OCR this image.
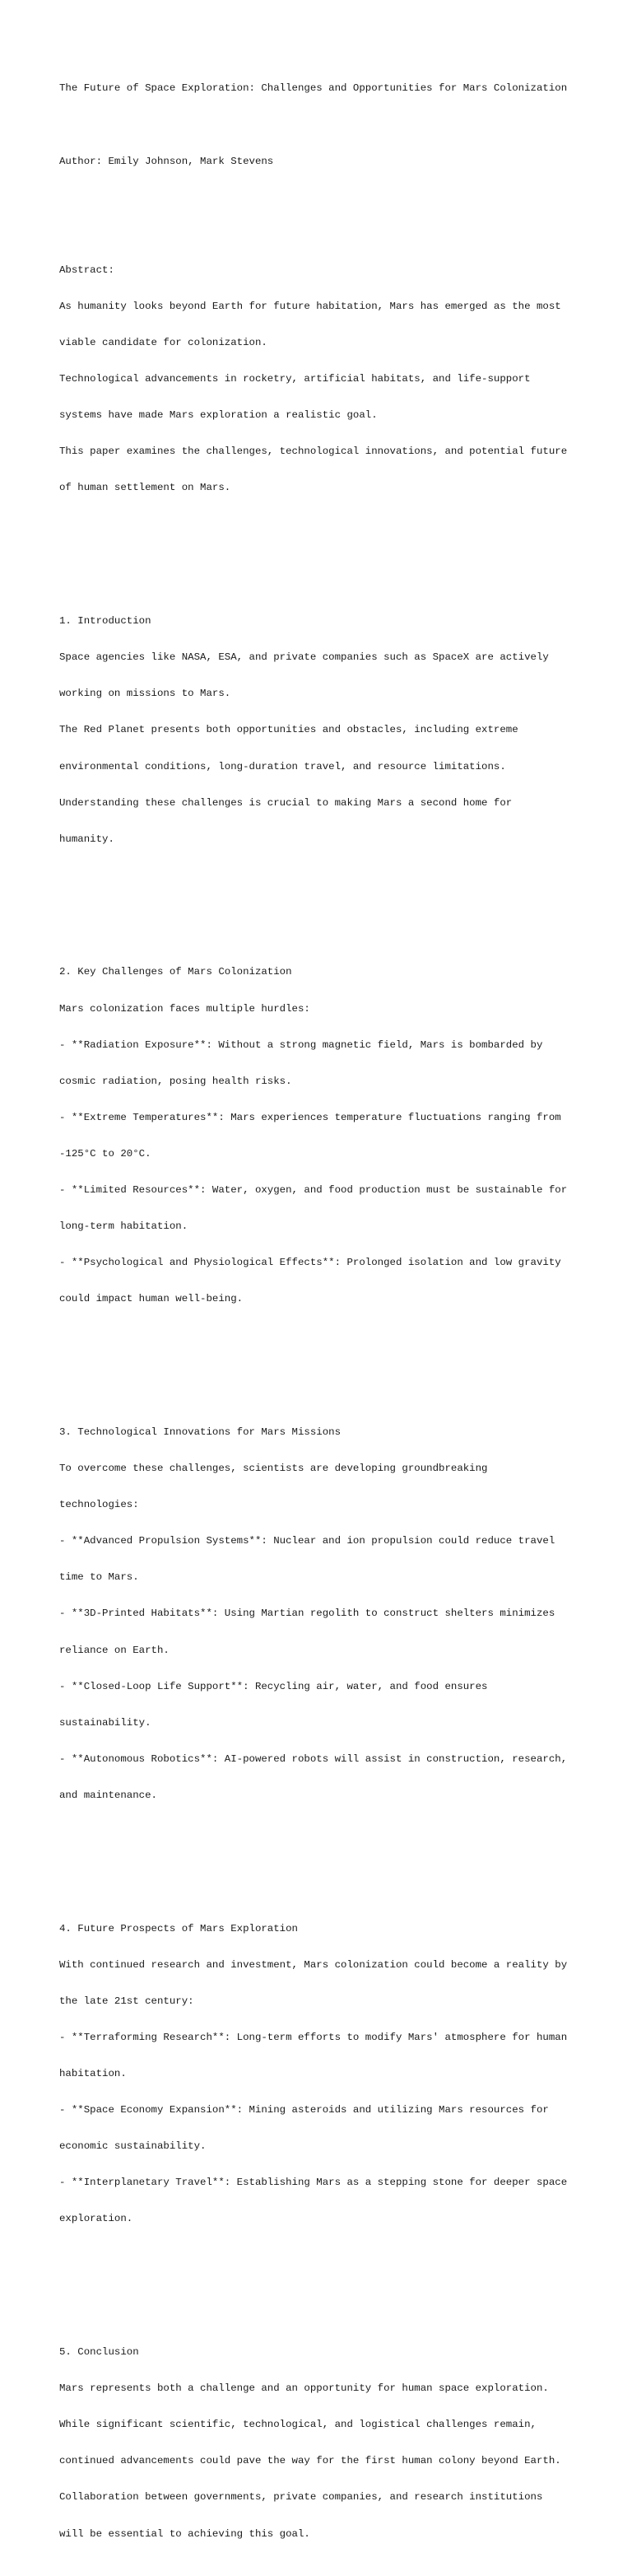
The Future of Space Exploration: Challenges and Opportunities for Mars Colonization

Author: Emily Johnson, Mark Stevens

Abstract:

As humanity looks beyond Earth for future habitation, Mars has emerged as the most

viable candidate for colonization.

Technological advancements in rocketry, artificial habitats, and life-support

systems have made Mars exploration a realistic goal.

This paper examines the challenges, technological innovations, and potential future

of human settlement on Mars.

1. Introduction

Space agencies like NASA, ESA, and private companies such as SpaceX are actively

working on missions to Mars.

The Red Planet presents both opportunities and obstacles, including extreme

environmental conditions, long-duration travel, and resource limitations.

Understanding these challenges is crucial to making Mars a second home for

humanity.

2. Key Challenges of Mars Colonization

Mars colonization faces multiple hurdles:

- **Radiation Exposure**: Without a strong magnetic field, Mars is bombarded by

cosmic radiation, posing health risks.

- **Extreme Temperatures**: Mars experiences temperature fluctuations ranging from

-125°C to 20°C.

- **Limited Resources**: Water, oxygen, and food production must be sustainable for

long-term habitation.

- **Psychological and Physiological Effects**: Prolonged isolation and low gravity

could impact human well-being.

3. Technological Innovations for Mars Missions

To overcome these challenges, scientists are developing groundbreaking

technologies:

- **Advanced Propulsion Systems**: Nuclear and ion propulsion could reduce travel

time to Mars.

- **3D-Printed Habitats**: Using Martian regolith to construct shelters minimizes

reliance on Earth.

- **Closed-Loop Life Support**: Recycling air, water, and food ensures

sustainability.

- **Autonomous Robotics**: AI-powered robots will assist in construction, research,

and maintenance.

4. Future Prospects of Mars Exploration

With continued research and investment, Mars colonization could become a reality by

the late 21st century:

- **Terraforming Research**: Long-term efforts to modify Mars' atmosphere for human

habitation.

- **Space Economy Expansion**: Mining asteroids and utilizing Mars resources for

economic sustainability.

- **Interplanetary Travel**: Establishing Mars as a stepping stone for deeper space

exploration.

5. Conclusion

Mars represents both a challenge and an opportunity for human space exploration.

While significant scientific, technological, and logistical challenges remain,

continued advancements could pave the way for the first human colony beyond Earth.

Collaboration between governments, private companies, and research institutions

will be essential to achieving this goal.
